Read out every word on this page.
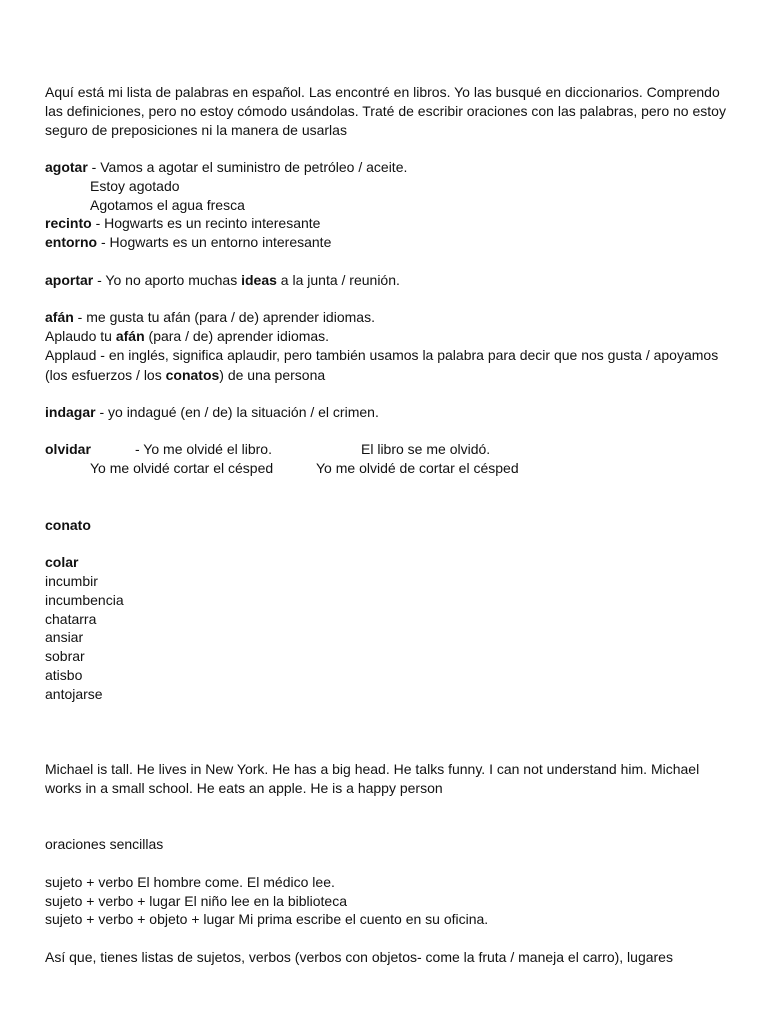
Aquí está mi lista de palabras en español. Las encontré en libros. Yo las busqué en diccionarios. Comprendo
las definiciones, pero no estoy cómodo usándolas. Traté de escribir oraciones con las palabras, pero no estoy
seguro de preposiciones ni la manera de usarlas
agotar - Vamos a agotar el suministro de petróleo / aceite.
Estoy agotado
Agotamos el agua fresca
recinto - Hogwarts es un recinto interesante
entorno - Hogwarts es un entorno interesante
aportar - Yo no aporto muchas ideas a la junta / reunión.
afán - me gusta tu afán (para / de) aprender idiomas.
Aplaudo tu afán (para / de) aprender idiomas.
Applaud - en inglés, significa aplaudir, pero también usamos la palabra para decir que nos gusta / apoyamos
(los esfuerzos / los conatos) de una persona
indagar - yo indagué (en / de) la situación / el crimen.
olvidar	- Yo me olvidé el libro.	El libro se me olvidó.
Yo me olvidé cortar el césped	Yo me olvidé de cortar el césped
conato
colar
incumbir
incumbencia
chatarra
ansiar
sobrar
atisbo
antojarse
Michael is tall. He lives in New York. He has a big head. He talks funny. I can not understand him. Michael
works in a small school. He eats an apple. He is a happy person
oraciones sencillas
sujeto + verbo El hombre come. El médico lee.
sujeto + verbo + lugar El niño lee en la biblioteca
sujeto + verbo + objeto + lugar Mi prima escribe el cuento en su oficina.
Así que, tienes listas de sujetos, verbos (verbos con objetos- come la fruta / maneja el carro), lugares
